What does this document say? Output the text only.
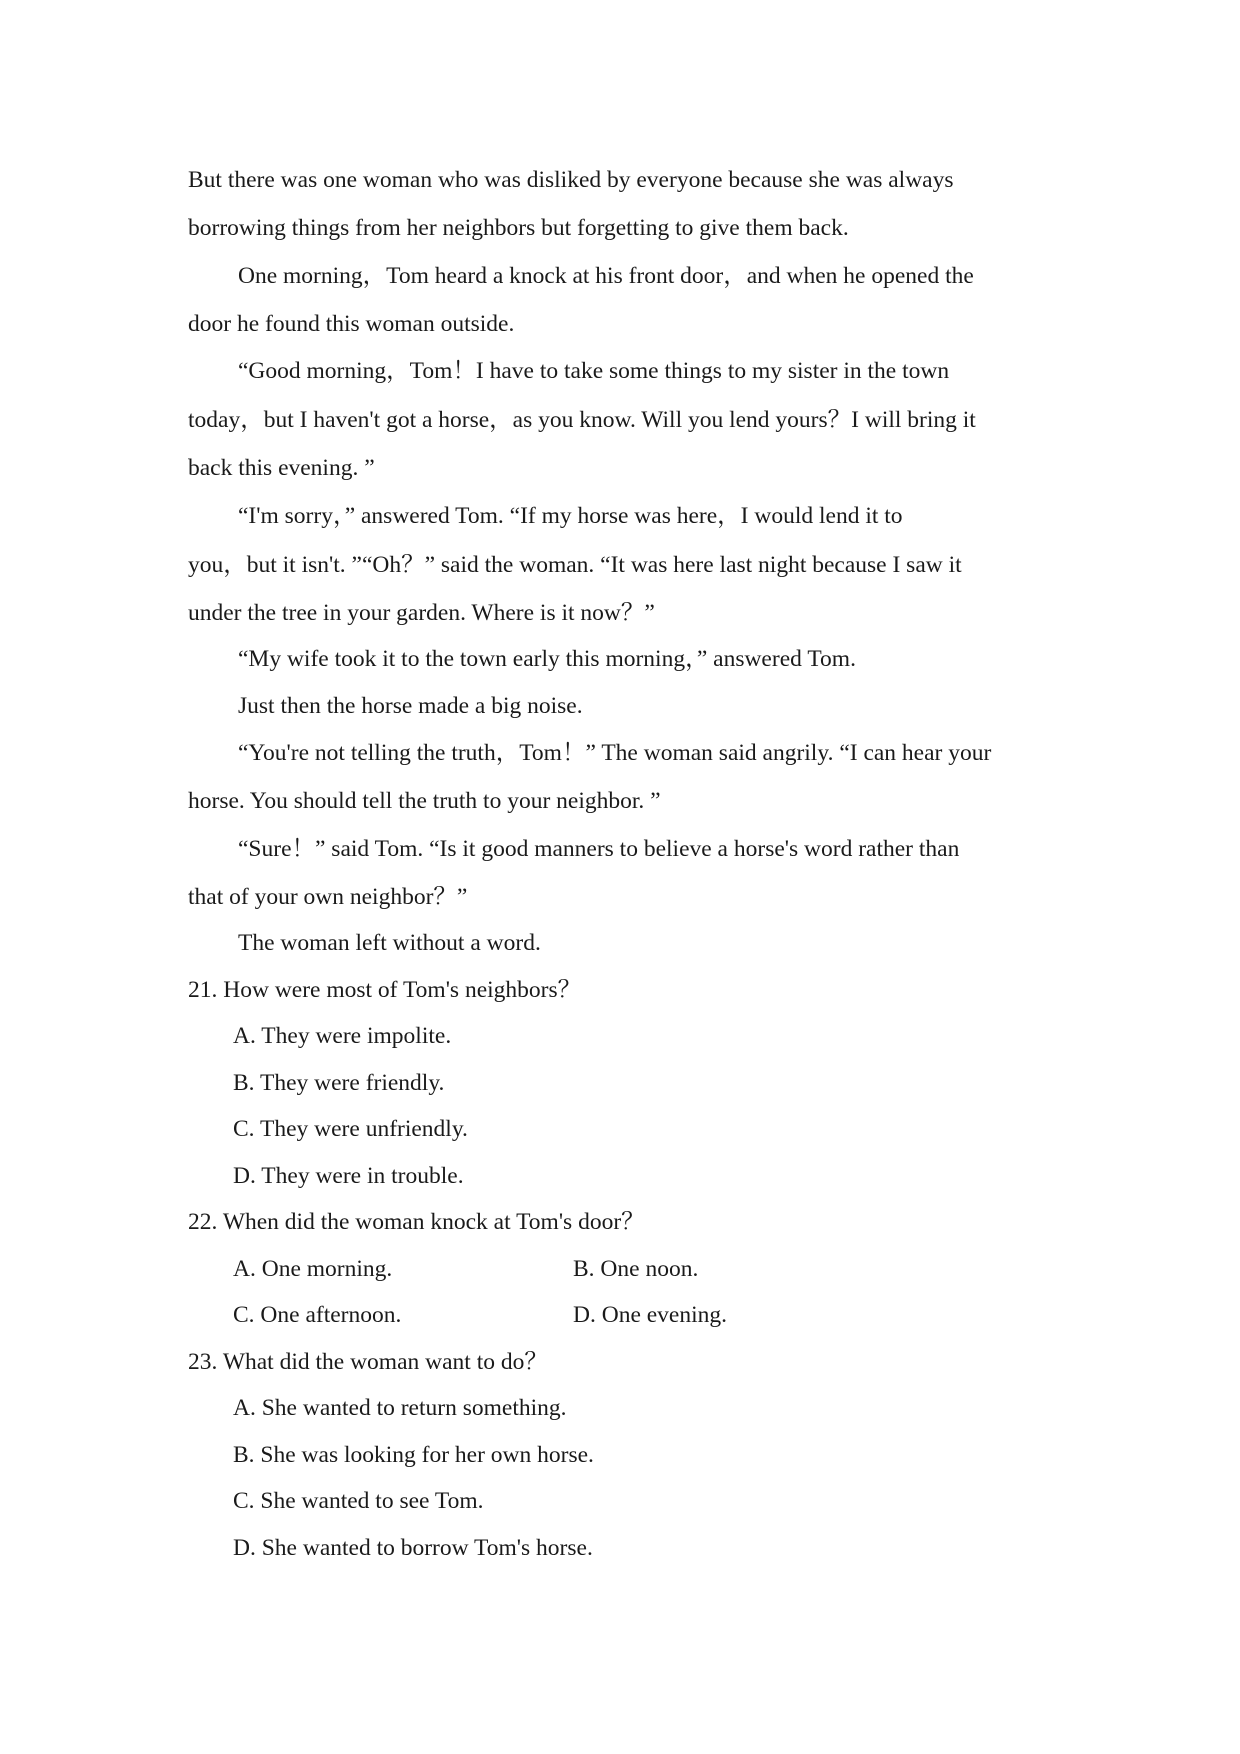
But there was one woman who was disliked by everyone because she was always
borrowing things from her neighbors but forgetting to give them back.
One morning，Tom heard a knock at his front door，and when he opened the
door he found this woman outside.
“Good morning，Tom！I have to take some things to my sister in the town
today，but I haven't got a horse，as you know. Will you lend yours？I will bring it
back this evening. ”
“I'm sorry，” answered Tom. “If my horse was here，I would lend it to
you，but it isn't. ”“Oh？” said the woman. “It was here last night because I saw it
under the tree in your garden. Where is it now？”
“My wife took it to the town early this morning，” answered Tom.
Just then the horse made a big noise.
“You're not telling the truth，Tom！” The woman said angrily. “I can hear your
horse. You should tell the truth to your neighbor. ”
“Sure！” said Tom. “Is it good manners to believe a horse's word rather than
that of your own neighbor？”
The woman left without a word.
21. How were most of Tom's neighbors？
A. They were impolite.
B. They were friendly.
C. They were unfriendly.
D. They were in trouble.
22. When did the woman knock at Tom's door？
A. One morning.	B. One noon.
C. One afternoon.	D. One evening.
23. What did the woman want to do？
A. She wanted to return something.
B. She was looking for her own horse.
C. She wanted to see Tom.
D. She wanted to borrow Tom's horse.
